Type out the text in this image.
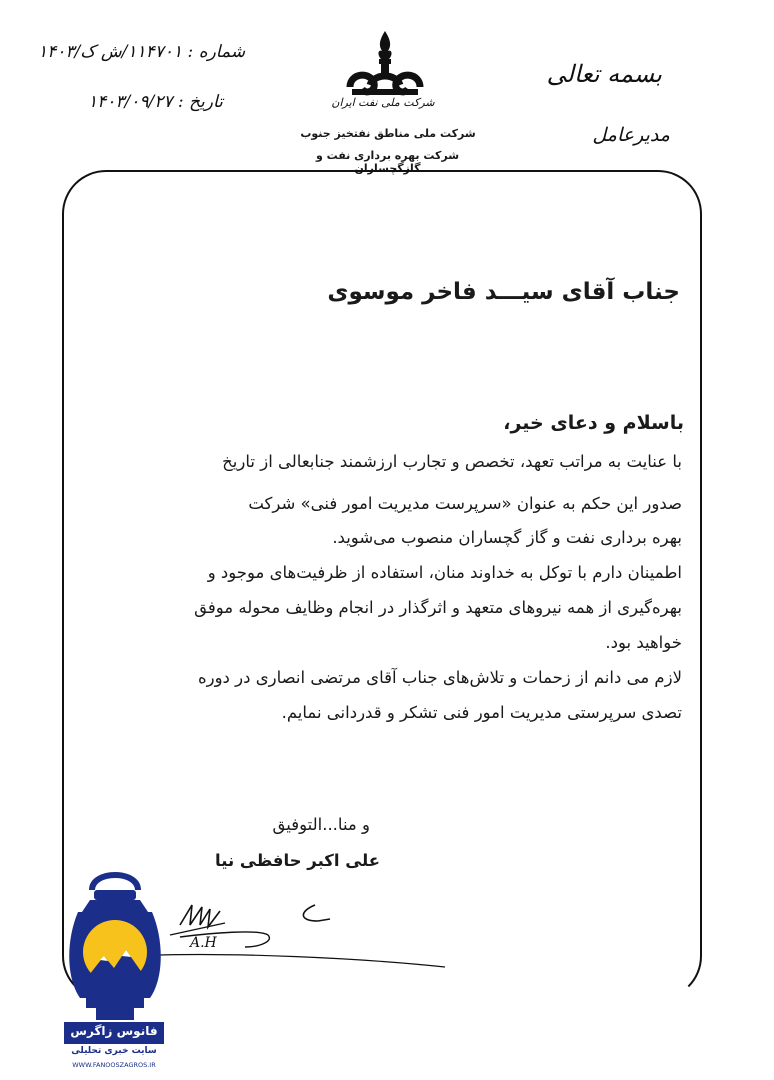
شماره : ۱۱۴۷۰۱/ش ک/۱۴۰۳
تاریخ : ۱۴۰۳/۰۹/۲۷
بسمه تعالی
مدیرعامل
شرکت ملی نفت ایران
شرکت ملی مناطق نفتخیز جنوب
شرکت بهره برداری نفت و گازگچساران
جناب آقای سیـــد فاخر موسوی
باسلام و دعای خیر،
با عنایت به مراتب تعهد، تخصص و تجارب ارزشمند جنابعالی از تاریخ
صدور این حکم به عنوان «سرپرست مدیریت امور فنی» شرکت
بهره برداری نفت و گاز گچساران منصوب می‌شوید.
اطمینان دارم با توکل به خداوند منان، استفاده از ظرفیت‌های موجود و
بهره‌گیری از همه نیروهای متعهد و اثرگذار در انجام وظایف محوله موفق
خواهید بود.
لازم می دانم از زحمات و تلاش‌های جناب آقای مرتضی انصاری در دوره
تصدی سرپرستی مدیریت امور فنی تشکر و قدردانی نمایم.
و منا...التوفیق
علی اکبر حافظی نیا
A.H
فانوس زاگرس
سایت خبری تحلیلی
WWW.FANOOSZAGROS.IR
